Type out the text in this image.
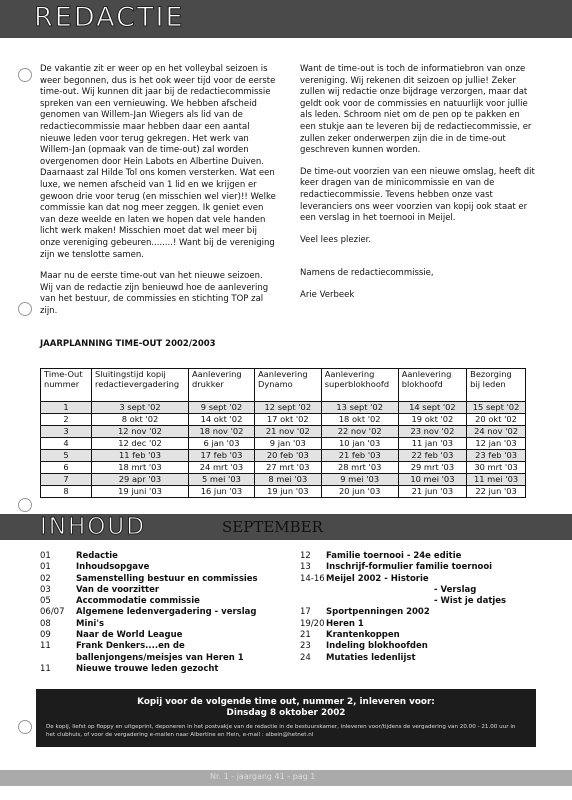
REDACTIE

De vakantie zit er weer op en het volleybal seizoen is weer begonnen, dus is het ook weer tijd voor de eerste time-out. Wij kunnen dit jaar bij de redactiecommissie spreken van een vernieuwing. We hebben afscheid genomen van Willem-Jan Wiegers als lid van de redactiecommissie maar hebben daar een aantal nieuwe leden voor terug gekregen. Het werk van Willem-Jan (opmaak van de time-out) zal worden overgenomen door Hein Labots en Albertine Duiven. Daarnaast zal Hilde Tol ons komen versterken. Wat een luxe, we nemen afscheid van 1 lid en we krijgen er gewoon drie voor terug (en misschien wel vier)!! Welke commissie kan dat nog meer zeggen. Ik geniet even van deze weelde en laten we hopen dat vele handen licht werk maken! Misschien moet dat wel meer bij onze vereniging gebeuren........! Want bij de vereniging zijn we tenslotte samen.

Maar nu de eerste time-out van het nieuwe seizoen. Wij van de redactie zijn benieuwd hoe de aanlevering van het bestuur, de commissies en stichting TOP zal zijn.

Want de time-out is toch de informatiebron van onze vereniging. Wij rekenen dit seizoen op jullie! Zeker zullen wij redactie onze bijdrage verzorgen, maar dat geldt ook voor de commissies en natuurlijk voor jullie als leden. Schroom niet om de pen op te pakken en een stukje aan te leveren bij de redactiecommissie, er zullen zeker onderwerpen zijn die in de time-out geschreven kunnen worden.

De time-out voorzien van een nieuwe omslag, heeft dit keer dragen van de minicommissie en van de redactiecommissie. Tevens hebben onze vast leveranciers ons weer voorzien van kopij ook staat er een verslag in het toernooi in Meijel.

Veel lees plezier.

Namens de redactiecommissie,

Arie Verbeek

JAARPLANNING TIME-OUT 2002/2003
Time-Out nummer	Sluitingstijd kopij redactievergadering	Aanlevering drukker	Aanlevering Dynamo	Aanlevering superblokhoofd	Aanlevering blokhoofd	Bezorging bij leden
1	3 sept '02	9 sept '02	12 sept '02	13 sept '02	14 sept '02	15 sept '02
2	8 okt '02	14 okt '02	17 okt '02	18 okt '02	19 okt '02	20 okt '02
3	12 nov '02	18 nov '02	21 nov '02	22 nov '02	23 nov '02	24 nov '02
4	12 dec '02	6 jan '03	9 jan '03	10 jan '03	11 jan '03	12 jan '03
5	11 feb '03	17 feb '03	20 feb '03	21 feb '03	22 feb '03	23 feb '03
6	18 mrt '03	24 mrt '03	27 mrt '03	28 mrt '03	29 mrt '03	30 mrt '03
7	29 apr '03	5 mei '03	8 mei '03	9 mei '03	10 mei '03	11 mei '03
8	19 juni '03	16 jun '03	19 jun '03	20 jun '03	21 jun '03	22 jun '03
INHOUD	SEPTEMBER
01	Redactie
01	Inhoudsopgave
02	Samenstelling bestuur en commissies
03	Van de voorzitter
05	Accommodatie commissie
06/07	Algemene ledenvergadering - verslag
08	Mini's
09	Naar de World League
11	Frank Denkers....en de
ballenjongens/meisjes van Heren 1
11	Nieuwe trouwe leden gezocht
12	Familie toernooi - 24e editie
13	Inschrijf-formulier familie toernooi
14-16 Meijel 2002 - Historie
- Verslag
- Wist je datjes
17	Sportpenningen 2002
19/20 Heren 1
21	Krantenkoppen
23	Indeling blokhoofden
24	Mutaties ledenlijst
Kopij voor de volgende time out, nummer 2, inleveren voor:
Dinsdag 8 oktober 2002
De kopij, liefst op floppy en uitgeprint, deponeren in het postvakje van de redactie in de bestuurskamer, inleveren voor/tijdens de vergadering van 20.00 - 21.00 uur in het clubhuis, of voor de vergadering e-mailen naar Albertine en Hein, e-mail : albein@hetnet.nl
Nr. 1 - jaargang 41 - pag 1
